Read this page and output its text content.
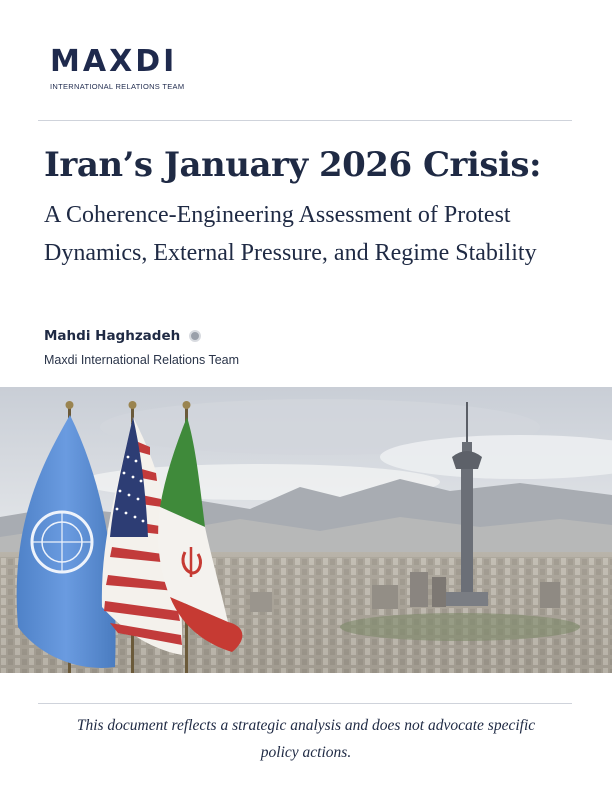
MAXDI
INTERNATIONAL RELATIONS TEAM
Iran’s January 2026 Crisis:
A Coherence-Engineering Assessment of Protest Dynamics, External Pressure, and Regime Stability
Mahdi Haghzadeh
Maxdi International Relations Team
This document reflects a strategic analysis and does not advocate specific policy actions.
